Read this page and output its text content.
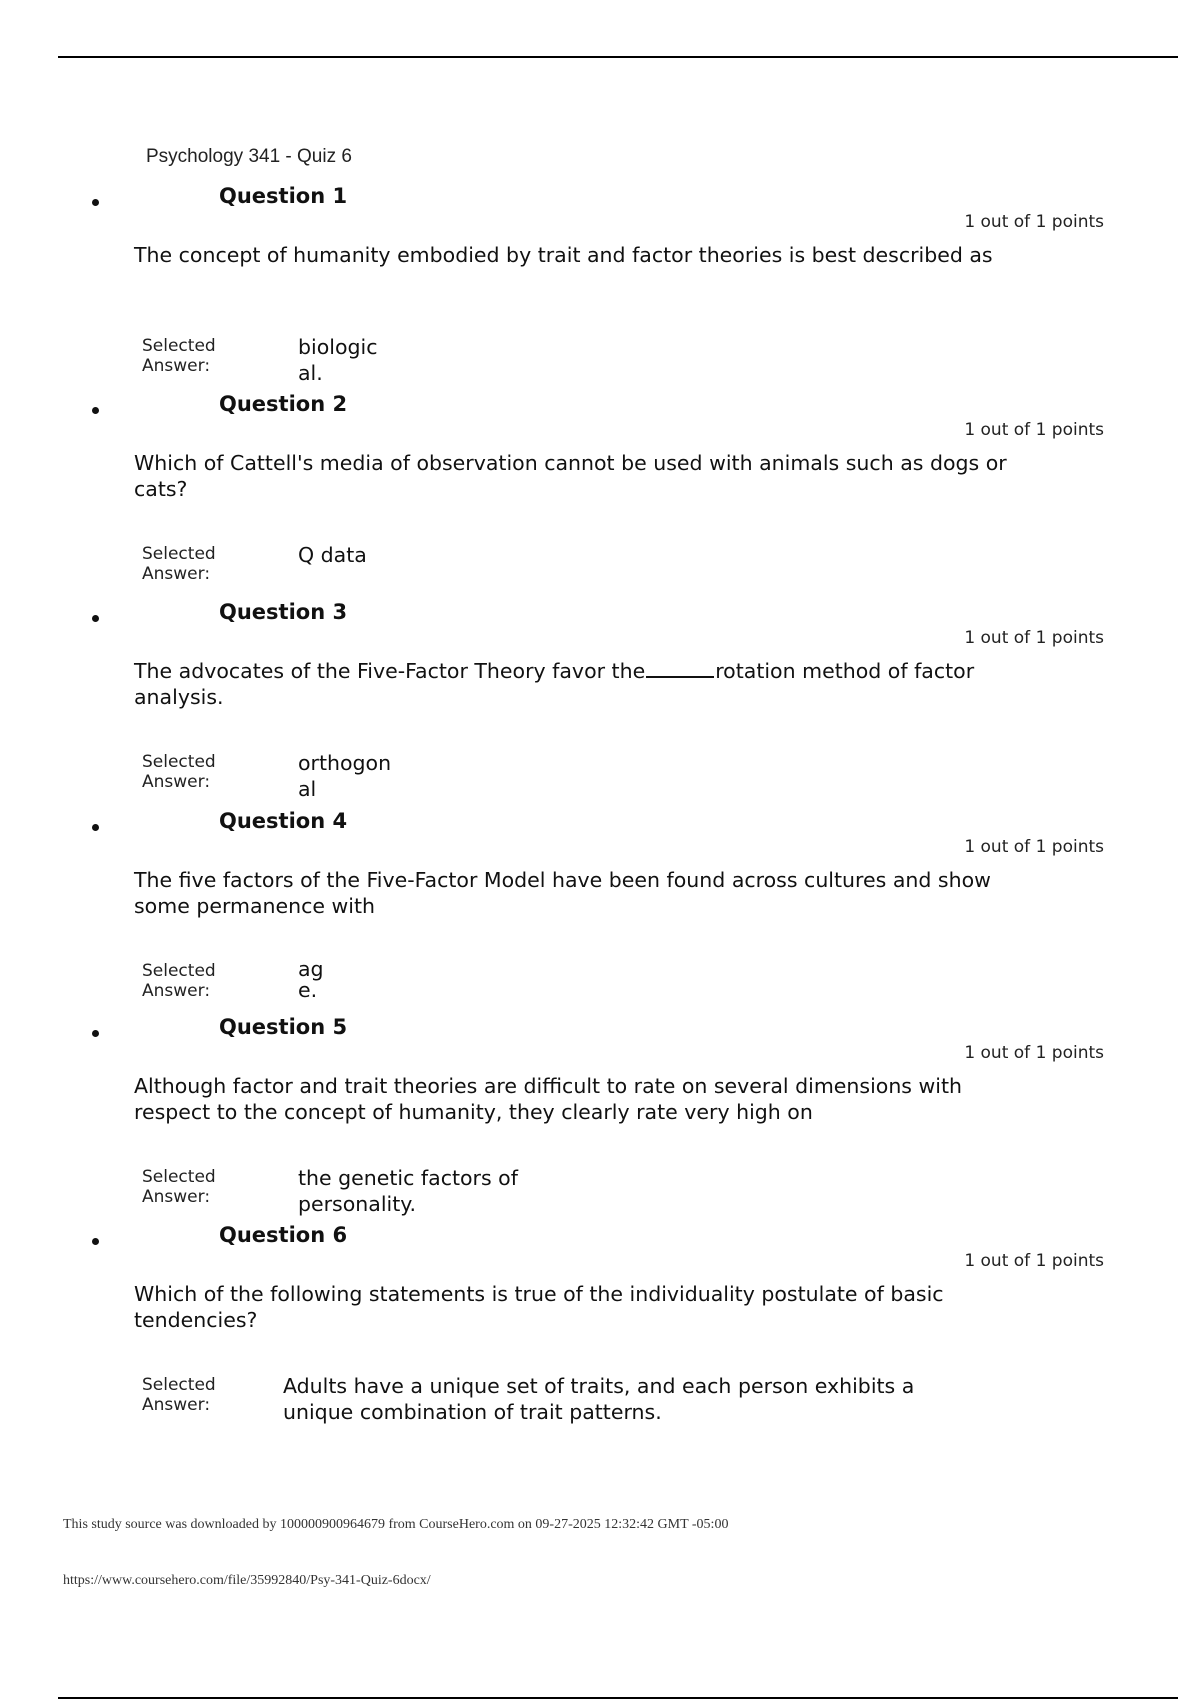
Psychology 341 - Quiz 6
Question 1
1 out of 1 points
The concept of humanity embodied by trait and factor theories is best described as
Selected Answer:
biologic al.
Question 2
1 out of 1 points
Which of Cattell's media of observation cannot be used with animals such as dogs or cats?
Selected Answer:
Q data
Question 3
1 out of 1 points
The advocates of the Five-Factor Theory favor the	rotation method of factor analysis.
Selected Answer:
orthogon al
Question 4
1 out of 1 points
The five factors of the Five-Factor Model have been found across cultures and show some permanence with
Selected Answer:
ag e.
Question 5
1 out of 1 points
Although factor and trait theories are difficult to rate on several dimensions with respect to the concept of humanity, they clearly rate very high on
Selected Answer:
the genetic factors of personality.
Question 6
1 out of 1 points
Which of the following statements is true of the individuality postulate of basic tendencies?
Selected Answer:
Adults have a unique set of traits, and each person exhibits a unique combination of trait patterns.
This study source was downloaded by 100000900964679 from CourseHero.com on 09-27-2025 12:32:42 GMT -05:00
https://www.coursehero.com/file/35992840/Psy-341-Quiz-6docx/
